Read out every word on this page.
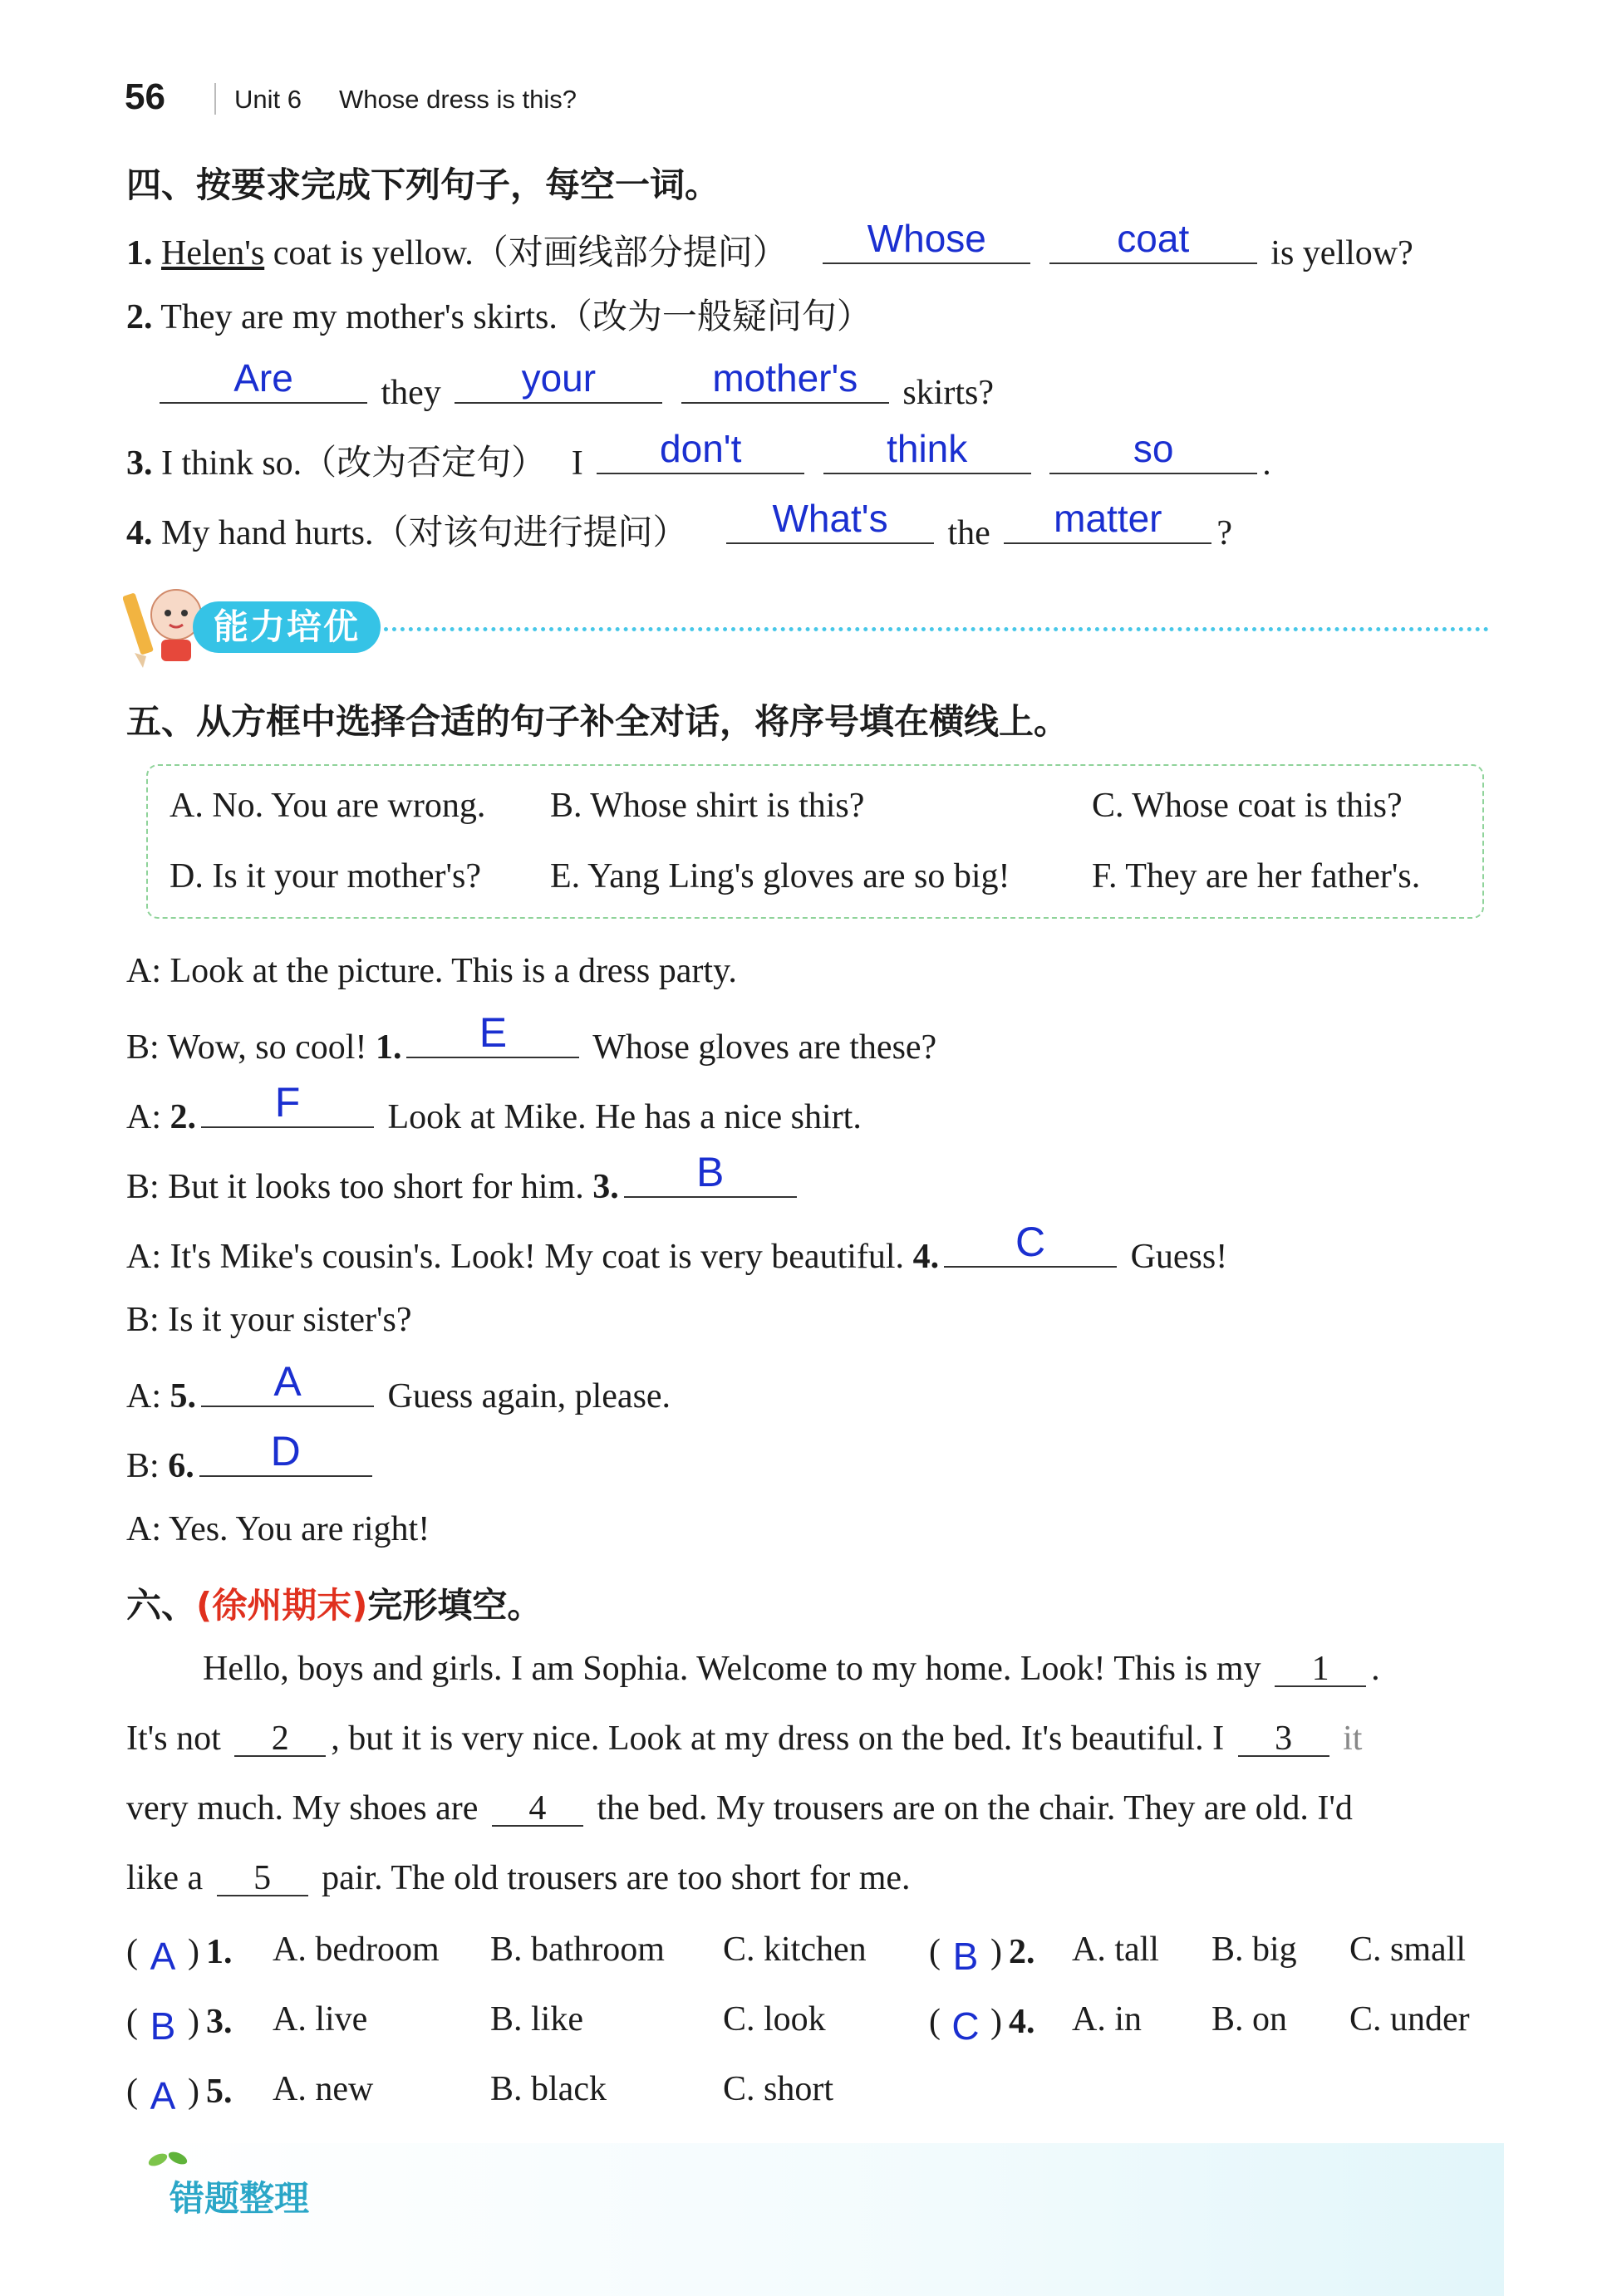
56	Unit 6 Whose dress is this?
四、按要求完成下列句子，每空一词。
1. Helen's coat is yellow.（对画线部分提问）	Whose
	coat	is yellow?
2. They are my mother's skirts.（改为一般疑问句）
Are	they	your
	mother's	skirts?
3. I think so.（改为否定句） I	don't
	think
	so	.
4. My hand hurts.（对该句进行提问）	What's	the	matter	?
能力培优
五、从方框中选择合适的句子补全对话，将序号填在横线上。
A. No. You are wrong. B. Whose shirt is this?	C. Whose coat is this?
D. Is it your mother's? E. Yang Ling's gloves are so big! F. They are her father's.
A: Look at the picture. This is a dress party.
B: Wow, so cool! 1.	E	Whose gloves are these?
A: 2.	F	Look at Mike. He has a nice shirt.
B: But it looks too short for him. 3.	B
A: It's Mike's cousin's. Look! My coat is very beautiful. 4.	C	Guess!
B: Is it your sister's?
A: 5.	A	Guess again, please.
B: 6.	D
A: Yes. You are right!
六、(徐州期末)完形填空。
Hello, boys and girls. I am Sophia. Welcome to my home. Look! This is my 1 .
It's not 2 , but it is very nice. Look at my dress on the bed. It's beautiful. I 3 it
very much. My shoes are 4 the bed. My trousers are on the chair. They are old. I'd
like a 5 pair. The old trousers are too short for me.
( A ) 1. A. bedroom B. bathroom C. kitchen ( B ) 2. A. tall B. big C. small
( B ) 3. A. live	B. like	C. look	( C ) 4. A. in B. on C. under
( A ) 5. A. new	B. black	C. short
错题整理
